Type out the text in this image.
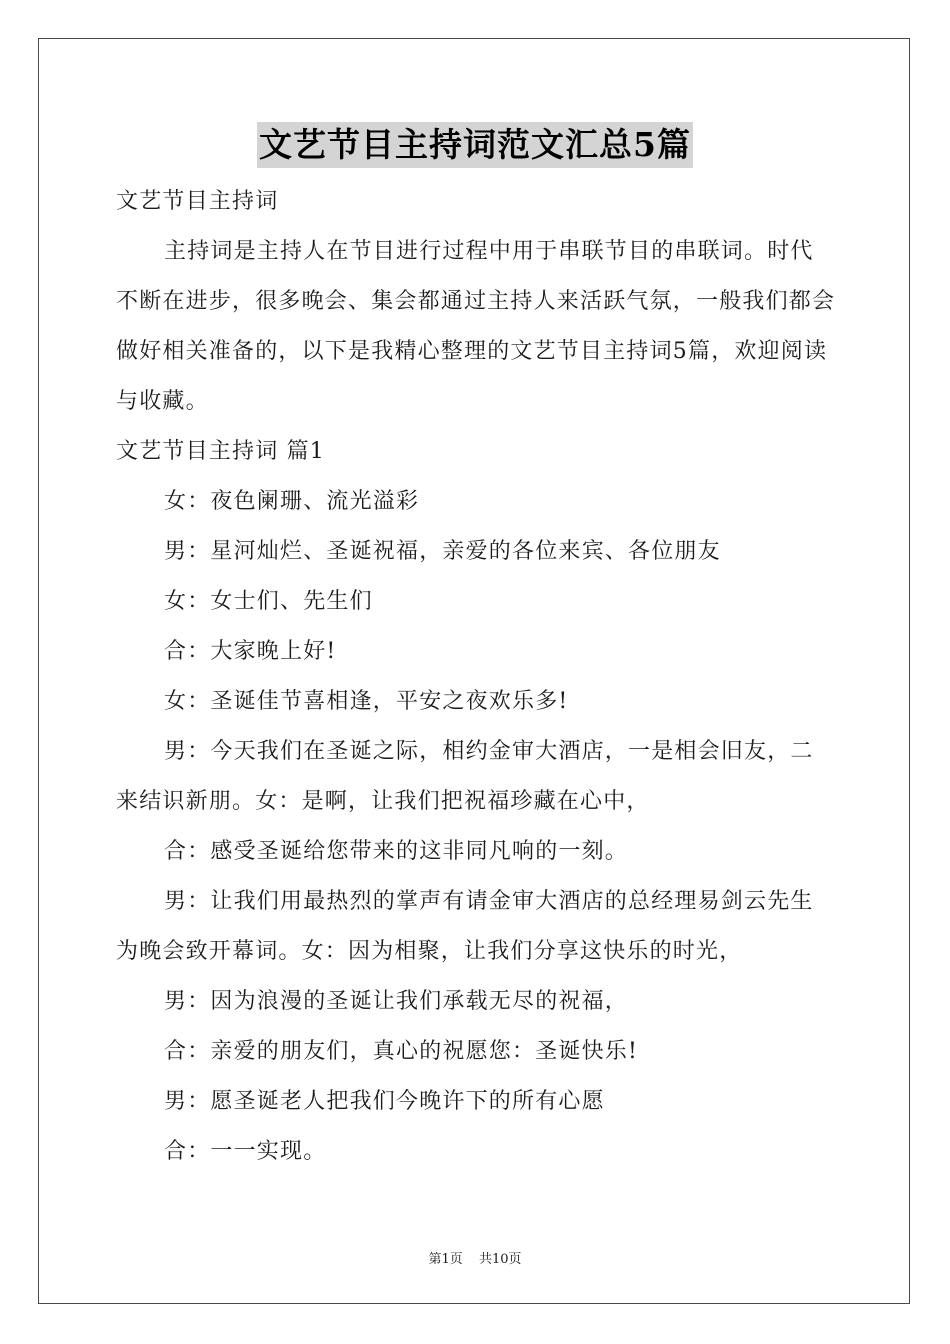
文艺节目主持词范文汇总5篇

文艺节目主持词

主持词是主持人在节目进行过程中用于串联节目的串联词。时代不断在进步，很多晚会、集会都通过主持人来活跃气氛，一般我们都会做好相关准备的，以下是我精心整理的文艺节目主持词5篇，欢迎阅读与收藏。

文艺节目主持词 篇1

女：夜色阑珊、流光溢彩

男：星河灿烂、圣诞祝福，亲爱的各位来宾、各位朋友

女：女士们、先生们

合：大家晚上好!

女：圣诞佳节喜相逢，平安之夜欢乐多!

男：今天我们在圣诞之际，相约金审大酒店，一是相会旧友，二来结识新朋。女：是啊，让我们把祝福珍藏在心中，

合：感受圣诞给您带来的这非同凡响的一刻。

男：让我们用最热烈的掌声有请金审大酒店的总经理易剑云先生为晚会致开幕词。女：因为相聚，让我们分享这快乐的时光，

男：因为浪漫的圣诞让我们承载无尽的祝福，

合：亲爱的朋友们，真心的祝愿您：圣诞快乐!

男：愿圣诞老人把我们今晚许下的所有心愿

合：一一实现。

第1页 共10页
